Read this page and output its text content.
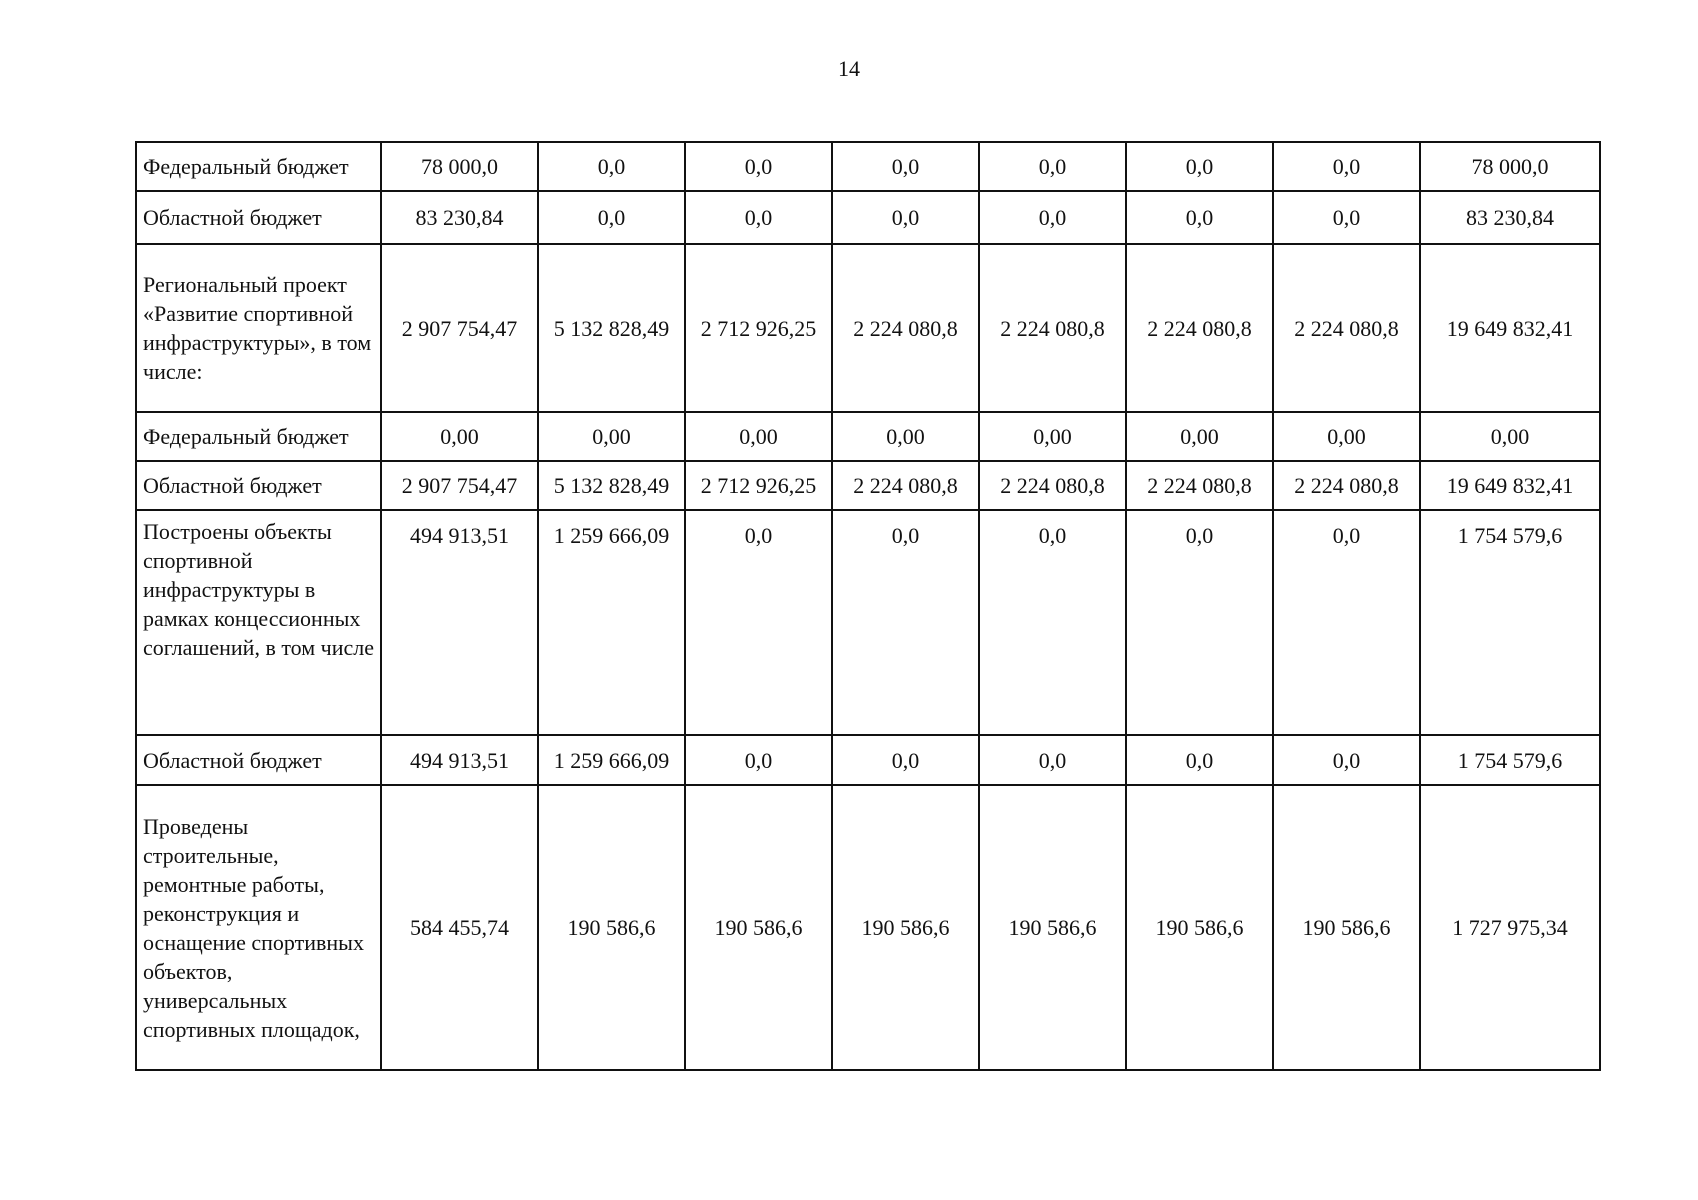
14
Федеральный бюджет	78 000,0	0,0	0,0	0,0	0,0	0,0	0,0	78 000,0
Областной бюджет	83 230,84	0,0	0,0	0,0	0,0	0,0	0,0	83 230,84
Региональный проект «Развитие спортивной инфраструктуры», в том числе:	2 907 754,47	5 132 828,49	2 712 926,25	2 224 080,8	2 224 080,8	2 224 080,8	2 224 080,8	19 649 832,41
Федеральный бюджет	0,00	0,00	0,00	0,00	0,00	0,00	0,00	0,00
Областной бюджет	2 907 754,47	5 132 828,49	2 712 926,25	2 224 080,8	2 224 080,8	2 224 080,8	2 224 080,8	19 649 832,41
Построены объекты спортивной инфраструктуры в рамках концессионных соглашений, в том числе	494 913,51	1 259 666,09	0,0	0,0	0,0	0,0	0,0	1 754 579,6
Областной бюджет	494 913,51	1 259 666,09	0,0	0,0	0,0	0,0	0,0	1 754 579,6
Проведены строительные, ремонтные работы, реконструкция и оснащение спортивных объектов, универсальных спортивных площадок,	584 455,74	190 586,6	190 586,6	190 586,6	190 586,6	190 586,6	190 586,6	1 727 975,34
